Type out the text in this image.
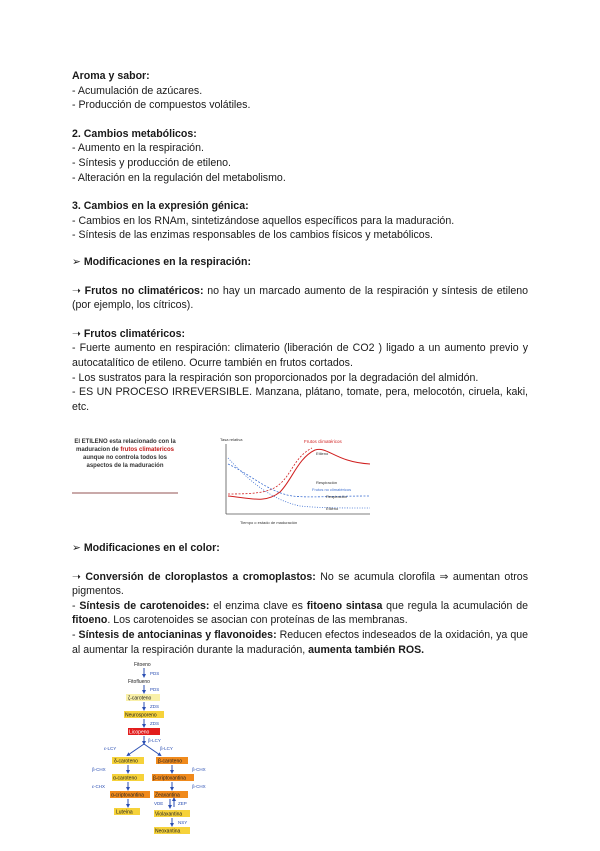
Aroma y sabor:

- Acumulación de azúcares.

- Producción de compuestos volátiles.

2. Cambios metabólicos:

- Aumento en la respiración.

- Síntesis y producción de etileno.

- Alteración en la regulación del metabolismo.

3. Cambios en la expresión génica:

- Cambios en los RNAm, sintetizándose aquellos específicos para la maduración.

- Síntesis de las enzimas responsables de los cambios físicos y metabólicos.

➢ Modificaciones en la respiración:

➝ Frutos no climatéricos: no hay un marcado aumento de la respiración y síntesis de etileno (por ejemplo, los cítricos).

➝ Frutos climatéricos:

- Fuerte aumento en respiración: climaterio (liberación de CO2 ) ligado a un aumento previo y autocatalítico de etileno. Ocurre también en frutos cortados.

- Los sustratos para la respiración son proporcionados por la degradación del almidón.

- ES UN PROCESO IRREVERSIBLE. Manzana, plátano, tomate, pera, melocotón, ciruela, kaki, etc.

El ETILENO esta relacionado con la maduracion de frutos climatericos aunque no controla todos los aspectos de la maduración
Tasa relativa
Tiempo o estado de maduración
Frutos climatéricos
Etileno
Respiración
Frutos no climatéricos
Respiración
Etileno

➢ Modificaciones en el color:

➝ Conversión de cloroplastos a cromoplastos: No se acumula clorofila ⇒ aumentan otros pigmentos.

- Síntesis de carotenoides: el enzima clave es fitoeno sintasa que regula la acumulación de fitoeno. Los carotenoides se asocian con proteínas de las membranas.

- Síntesis de antocianinas y flavonoides: Reducen efectos indeseados de la oxidación, ya que al aumentar la respiración durante la maduración, aumenta también ROS.

Fitoeno
PDS
Fitoflueno
PDS
ζ-caroteno
ZDS
Neurosporeno
ZDS
Licopeno
β-LCY
ε-LCY	β-LCY
δ-caroteno	β-caroteno
β-CHX	β-CHX
α-caroteno	β-criptoxantina
ε-CHX	β-CHX
α-criptoxantina Zeaxantina
VDE	ZEP
Luteína	Violaxantina
NSY
Neoxantina
